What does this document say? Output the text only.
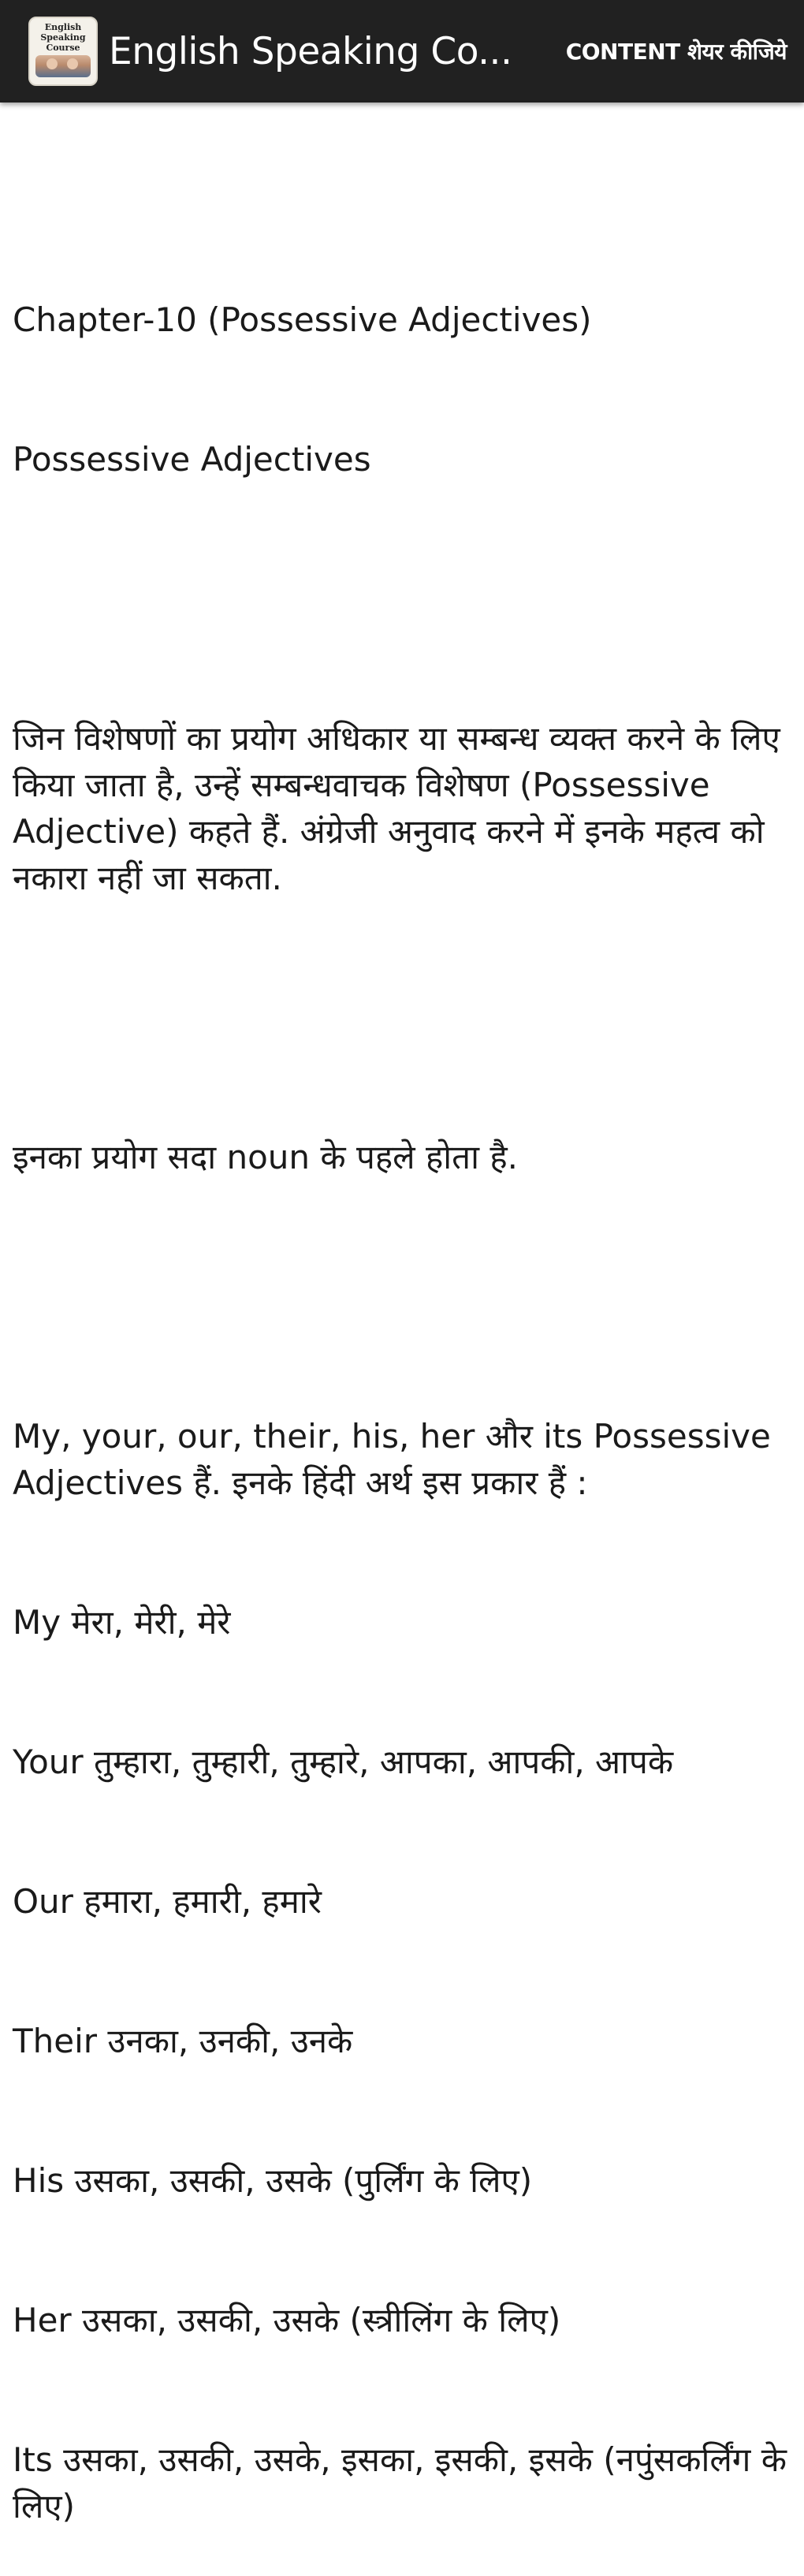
English
Speaking
Course English Speaking Co...	CONTENT शेयर कीजिये

Chapter-10 (Possessive Adjectives)

Possessive Adjectives

जिन विशेषणों का प्रयोग अधिकार या सम्बन्ध व्यक्त करने के लिए किया जाता है, उन्हें सम्बन्धवाचक विशेषण (Possessive Adjective) कहते हैं. अंग्रेजी अनुवाद करने में इनके महत्व को नकारा नहीं जा सकता.

इनका प्रयोग सदा noun के पहले होता है.

My, your, our, their, his, her और its Possessive Adjectives हैं. इनके हिंदी अर्थ इस प्रकार हैं :

My मेरा, मेरी, मेरे

Your तुम्हारा, तुम्हारी, तुम्हारे, आपका, आपकी, आपके

Our हमारा, हमारी, हमारे

Their उनका, उनकी, उनके

His उसका, उसकी, उसके (पुर्लिंग के लिए)

Her उसका, उसकी, उसके (स्त्रीलिंग के लिए)

Its उसका, उसकी, उसके, इसका, इसकी, इसके (नपुंसकर्लिंग के लिए)
